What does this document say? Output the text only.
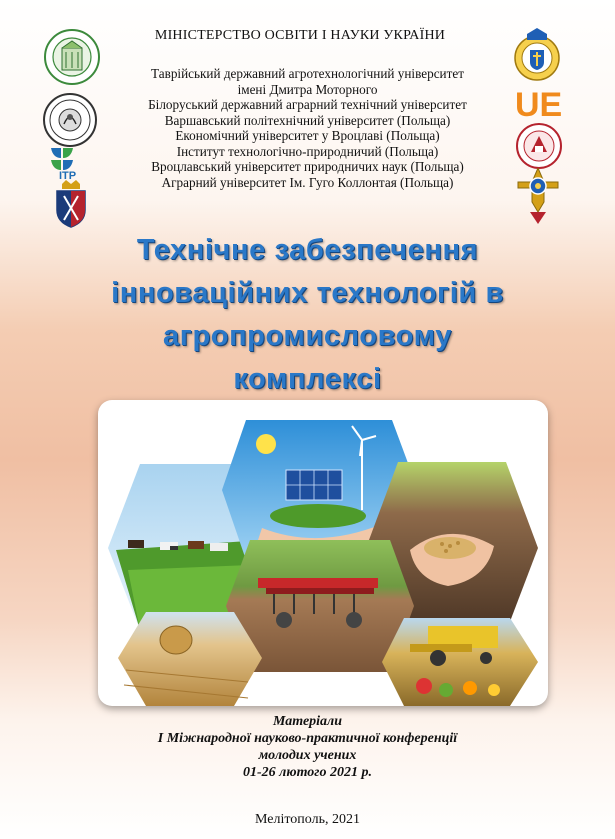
ITP
UE
МІНІСТЕРСТВО ОСВІТИ І НАУКИ УКРАЇНИ
Таврійський державний агротехнологічний університет
імені Дмитра Моторного
Білоруський державний аграрний технічний університет
Варшавський політехнічний університет (Польща)
Економічний університет у Вроцлаві (Польща)
Інститут технологічно-природничий (Польща)
Вроцлавський університет природничих наук (Польща)
Аграрний університет Ім. Гуго Коллонтая (Польща)
Технічне забезпечення
інноваційних технологій в
агропромисловому
комплексі
Матеріали
І Міжнародної науково-практичної конференції
молодих учених
01-26 лютого 2021 р.
Мелітополь, 2021
